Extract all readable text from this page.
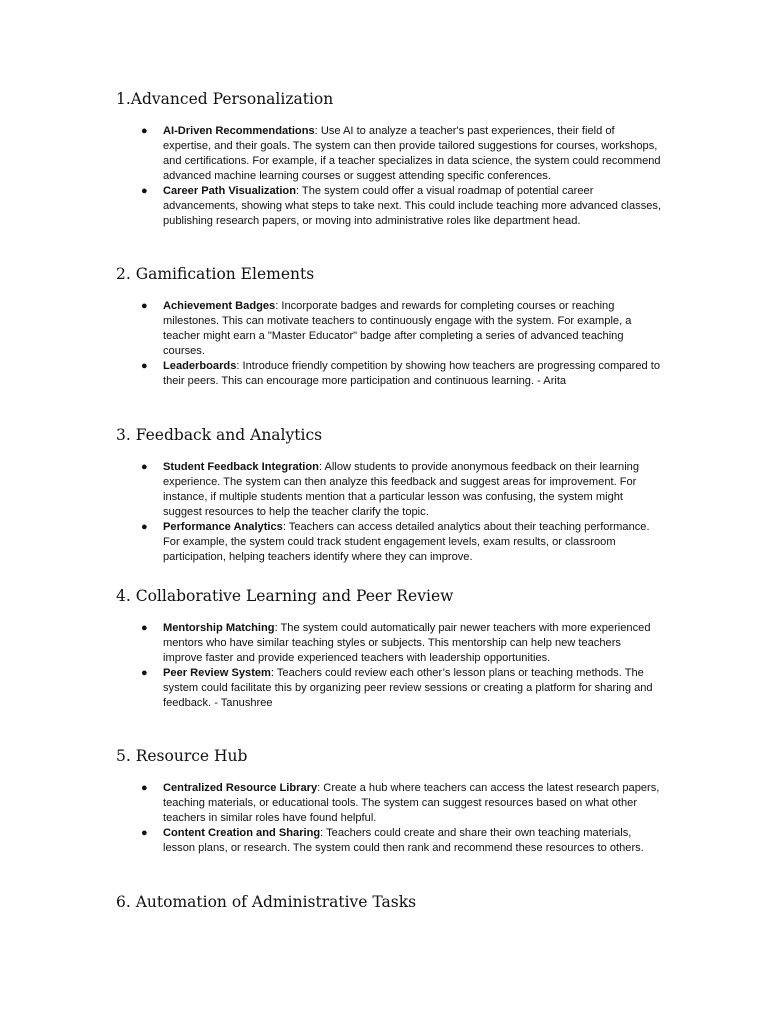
1.Advanced Personalization
● AI-Driven Recommendations: Use AI to analyze a teacher's past experiences, their field of expertise, and their goals. The system can then provide tailored suggestions for courses, workshops, and certifications. For example, if a teacher specializes in data science, the system could recommend advanced machine learning courses or suggest attending specific conferences.
● Career Path Visualization: The system could offer a visual roadmap of potential career advancements, showing what steps to take next. This could include teaching more advanced classes, publishing research papers, or moving into administrative roles like department head.
2. Gamification Elements
● Achievement Badges: Incorporate badges and rewards for completing courses or reaching milestones. This can motivate teachers to continuously engage with the system. For example, a teacher might earn a "Master Educator" badge after completing a series of advanced teaching courses.
● Leaderboards: Introduce friendly competition by showing how teachers are progressing compared to their peers. This can encourage more participation and continuous learning. - Arita
3. Feedback and Analytics
● Student Feedback Integration: Allow students to provide anonymous feedback on their learning experience. The system can then analyze this feedback and suggest areas for improvement. For instance, if multiple students mention that a particular lesson was confusing, the system might suggest resources to help the teacher clarify the topic.
● Performance Analytics: Teachers can access detailed analytics about their teaching performance. For example, the system could track student engagement levels, exam results, or classroom participation, helping teachers identify where they can improve.
4. Collaborative Learning and Peer Review
● Mentorship Matching: The system could automatically pair newer teachers with more experienced mentors who have similar teaching styles or subjects. This mentorship can help new teachers improve faster and provide experienced teachers with leadership opportunities.
● Peer Review System: Teachers could review each other’s lesson plans or teaching methods. The system could facilitate this by organizing peer review sessions or creating a platform for sharing and feedback. - Tanushree
5. Resource Hub
● Centralized Resource Library: Create a hub where teachers can access the latest research papers, teaching materials, or educational tools. The system can suggest resources based on what other teachers in similar roles have found helpful.
● Content Creation and Sharing: Teachers could create and share their own teaching materials, lesson plans, or research. The system could then rank and recommend these resources to others.
6. Automation of Administrative Tasks
